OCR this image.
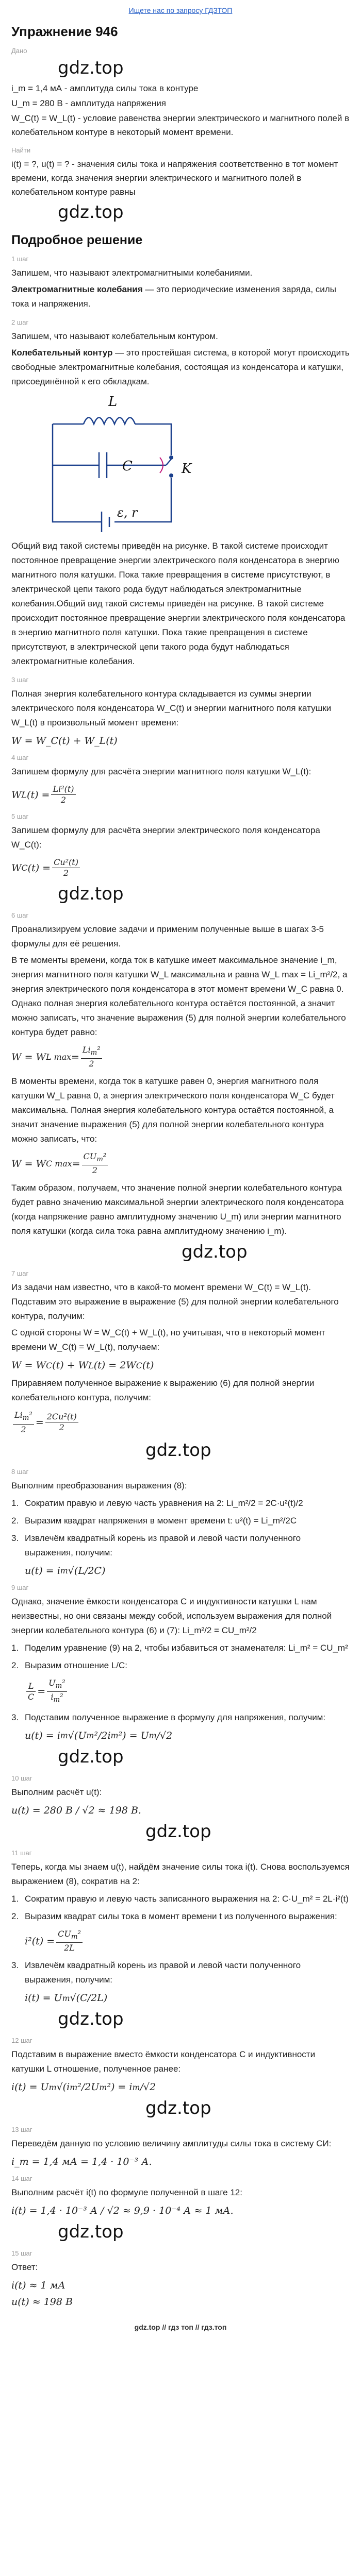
Ищете нас по запросу ГДЗТОП
Упражнение 946
Дано
gdz.top
i_m = 1,4 мА - амплитуда силы тока в контуре
U_m = 280 В - амплитуда напряжения
W_C(t) = W_L(t) - условие равенства энергии электрического и магнитного полей в колебательном контуре в некоторый момент времени.
Найти
i(t) = ?, u(t) = ? - значения силы тока и напряжения соответственно в тот момент времени, когда значения энергии электрического и магнитного полей в колебательном контуре равны
gdz.top
Подробное решение
1 шаг
Запишем, что называют электромагнитными колебаниями.
Электромагнитные колебания — это периодические изменения заряда, силы тока и напряжения.
2 шаг
Запишем, что называют колебательным контуром.
Колебательный контур — это простейшая система, в которой могут происходить свободные электромагнитные колебания, состоящая из конденсатора и катушки, присоединённой к его обкладкам.
L
C	K
ε, r
Общий вид такой системы приведён на рисунке. В такой системе происходит постоянное превращение энергии электрического поля конденсатора в энергию магнитного поля катушки. Пока такие превращения в системе присутствуют, в электрической цепи такого рода будут наблюдаться электромагнитные колебания.Общий вид такой системы приведён на рисунке. В такой системе происходит постоянное превращение энергии электрического поля конденсатора в энергию магнитного поля катушки. Пока такие превращения в системе присутствуют, в электрической цепи такого рода будут наблюдаться электромагнитные колебания.
3 шаг
Полная энергия колебательного контура складывается из суммы энергии электрического поля конденсатора W_C(t) и энергии магнитного поля катушки W_L(t) в произвольный момент времени:
W = W_C(t) + W_L(t)
4 шаг
Запишем формулу для расчёта энергии магнитного поля катушки W_L(t):
W L $(t) = \frac{\text{Li²(t)}}{2}$
5 шаг
Запишем формулу для расчёта энергии электрического поля конденсатора W_C(t):
W C $(t) = \frac{\text{Cu²(t)}}{2}$
gdz.top
6 шаг
Проанализируем условие задачи и применим полученные выше в шагах 3-5 формулы для её решения.
В те моменты времени, когда ток в катушке имеет максимальное значение i_m, энергия магнитного поля катушки W_L максимальна и равна W_L max = Li_m²/2, а энергия электрического поля конденсатора в этот момент времени W_C равна 0. Однако полная энергия колебательного контура остаётся постоянной, а значит можно записать, что значение выражения (5) для полной энергии колебательного контура будет равно:
W = W L $\max = \frac{Li_m^2}{2}$
В моменты времени, когда ток в катушке равен 0, энергия магнитного поля катушки W_L равна 0, а энергия электрического поля конденсатора W_C будет максимальна. Полная энергия колебательного контура остаётся постоянной, а значит значение выражения (5) для полной энергии колебательного контура можно записать, что:
W = W C $\max = \frac{CU_m^2}{2}$
Таким образом, получаем, что значение полной энергии колебательного контура будет равно значению максимальной энергии электрического поля конденсатора (когда напряжение равно амплитудному значению U_m) или энергии магнитного поля катушки (когда сила тока равна амплитудному значению i_m).
gdz.top
7 шаг
Из задачи нам известно, что в какой-то момент времени W_C(t) = W_L(t). Подставим это выражение в выражение (5) для полной энергии колебательного контура, получим:
С одной стороны W = W_C(t) + W_L(t), но учитывая, что в некоторый момент времени W_C(t) = W_L(t), получаем:
W = W C (t) + W L (t) = 2W C (t)
Приравняем полученное выражение к выражению (6) для полной энергии колебательного контура, получим:
$\frac{Li_m^2}{2} = \frac{\text{2Cu²(t)}}{2}$
gdz.top
8 шаг
Выполним преобразования выражения (8):
1. Сократим правую и левую часть уравнения на 2: Li_m²/2 = 2C·u²(t)/2
2. Выразим квадрат напряжения в момент времени t: u²(t) = Li_m²/2C
3. Извлечём квадратный корень из правой и левой части полученного выражения, получим:
u(t) = i m √(L/2C)
9 шаг
Однако, значение ёмкости конденсатора C и индуктивности катушки L нам неизвестны, но они связаны между собой, используем выражения для полной энергии колебательного контура (6) и (7): Li_m²/2 = CU_m²/2
1. Поделим уравнение (9) на 2, чтобы избавиться от знаменателя: Li_m² = CU_m²
2. Выразим отношение L/C:
$\frac{L}{C} = \frac{U_m^2}{i_m^2}$
3. Подставим полученное выражение в формулу для напряжения, получим:
u(t) = i m √(U m ²/2i m ²) = U m /√2
gdz.top
10 шаг
Выполним расчёт u(t):
u(t) = 280 В / √2 ≈ 198 В.
gdz.top
11 шаг
Теперь, когда мы знаем u(t), найдём значение силы тока i(t). Снова воспользуемся выражением (8), сократив на 2:
1. Сократим правую и левую часть записанного выражения на 2: C·U_m² = 2L·i²(t)
2. Выразим квадрат силы тока в момент времени t из полученного выражения:
$i^2(t) = \frac{CU_m^2}{2L}$
3. Извлечём квадратный корень из правой и левой части полученного выражения, получим:
i(t) = U m √(C/2L)
gdz.top
12 шаг
Подставим в выражение вместо ёмкости конденсатора C и индуктивности катушки L отношение, полученное ранее:
i(t) = U m √(i m ²/2U m ²) = i m /√2
gdz.top
13 шаг
Переведём данную по условию величину амплитуды силы тока в систему СИ:
i_m = 1,4 мА = 1,4 · 10⁻³ А.
14 шаг
Выполним расчёт i(t) по формуле полученной в шаге 12:
i(t) = 1,4 · 10⁻³ А / √2 ≈ 9,9 · 10⁻⁴ А ≈ 1 мА.
gdz.top
15 шаг
Ответ:
i(t) ≈ 1 мА
u(t) ≈ 198 В
gdz.top // гдз топ // гдз.топ
